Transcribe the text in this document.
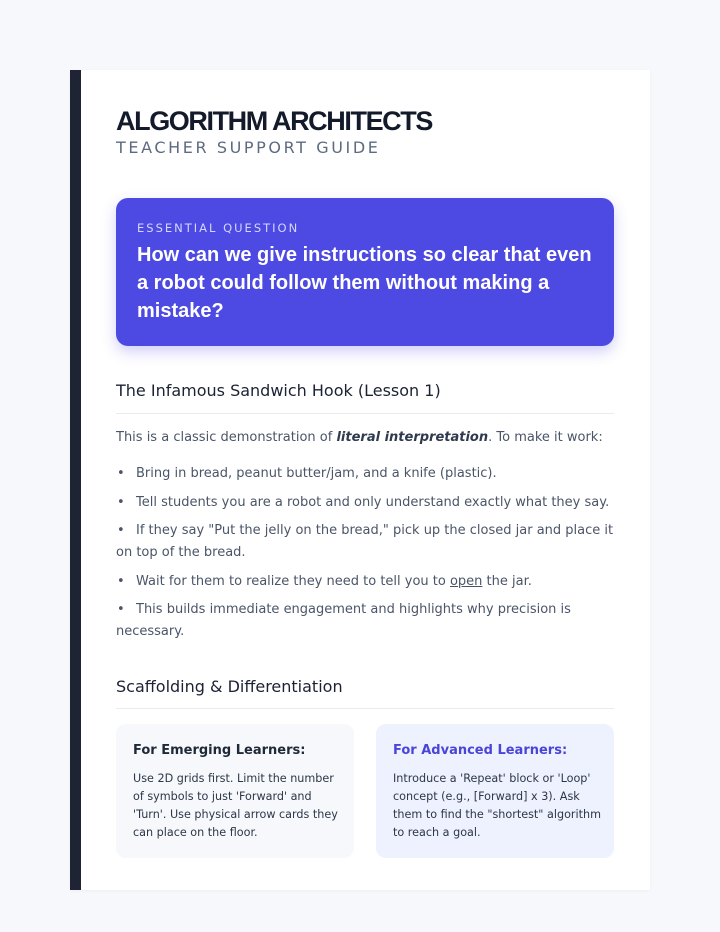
ALGORITHM ARCHITECTS
TEACHER SUPPORT GUIDE
ESSENTIAL QUESTION
How can we give instructions so clear that even a robot could follow them without making a mistake?
The Infamous Sandwich Hook (Lesson 1)
This is a classic demonstration of literal interpretation. To make it work:
• Bring in bread, peanut butter/jam, and a knife (plastic).
• Tell students you are a robot and only understand exactly what they say.
• If they say "Put the jelly on the bread," pick up the closed jar and place it on top of the bread.
• Wait for them to realize they need to tell you to open the jar.
• This builds immediate engagement and highlights why precision is necessary.
Scaffolding & Differentiation
For Emerging Learners:
Use 2D grids first. Limit the number of symbols to just 'Forward' and 'Turn'. Use physical arrow cards they can place on the floor.
For Advanced Learners:
Introduce a 'Repeat' block or 'Loop' concept (e.g., [Forward] x 3). Ask them to find the "shortest" algorithm to reach a goal.
